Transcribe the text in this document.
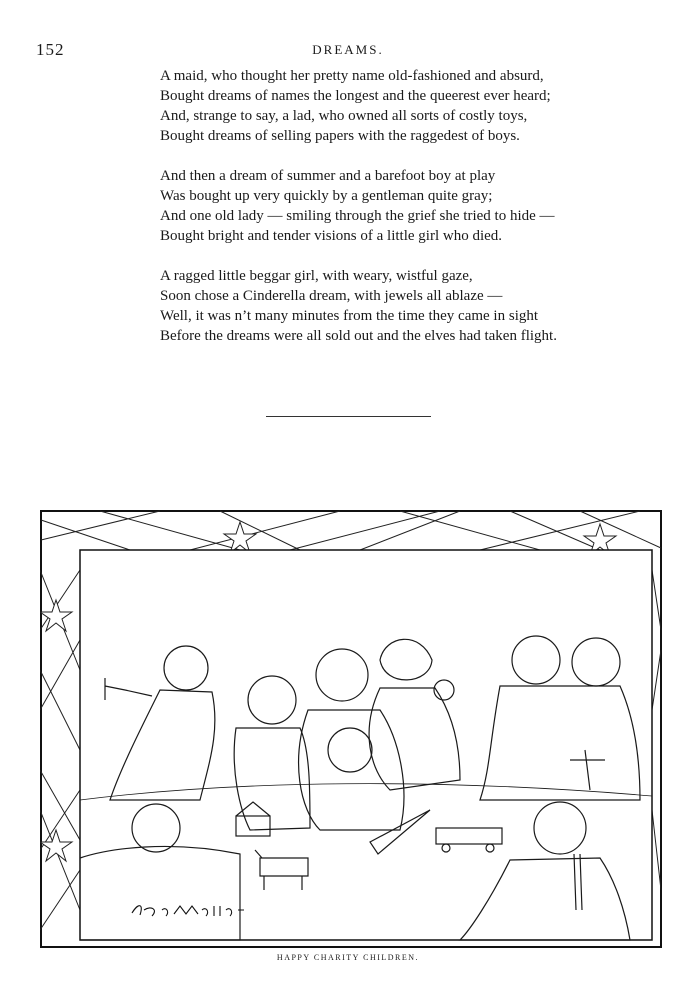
152	DREAMS.
A maid, who thought her pretty name old-fashioned and absurd,
Bought dreams of names the longest and the queerest ever heard;
And, strange to say, a lad, who owned all sorts of costly toys,
Bought dreams of selling papers with the raggedest of boys.
And then a dream of summer and a barefoot boy at play
Was bought up very quickly by a gentleman quite gray;
And one old lady — smiling through the grief she tried to hide —
Bought bright and tender visions of a little girl who died.
A ragged little beggar girl, with weary, wistful gaze,
Soon chose a Cinderella dream, with jewels all ablaze —
Well, it was n’t many minutes from the time they came in sight
Before the dreams were all sold out and the elves had taken flight.
HAPPY CHARITY CHILDREN.
